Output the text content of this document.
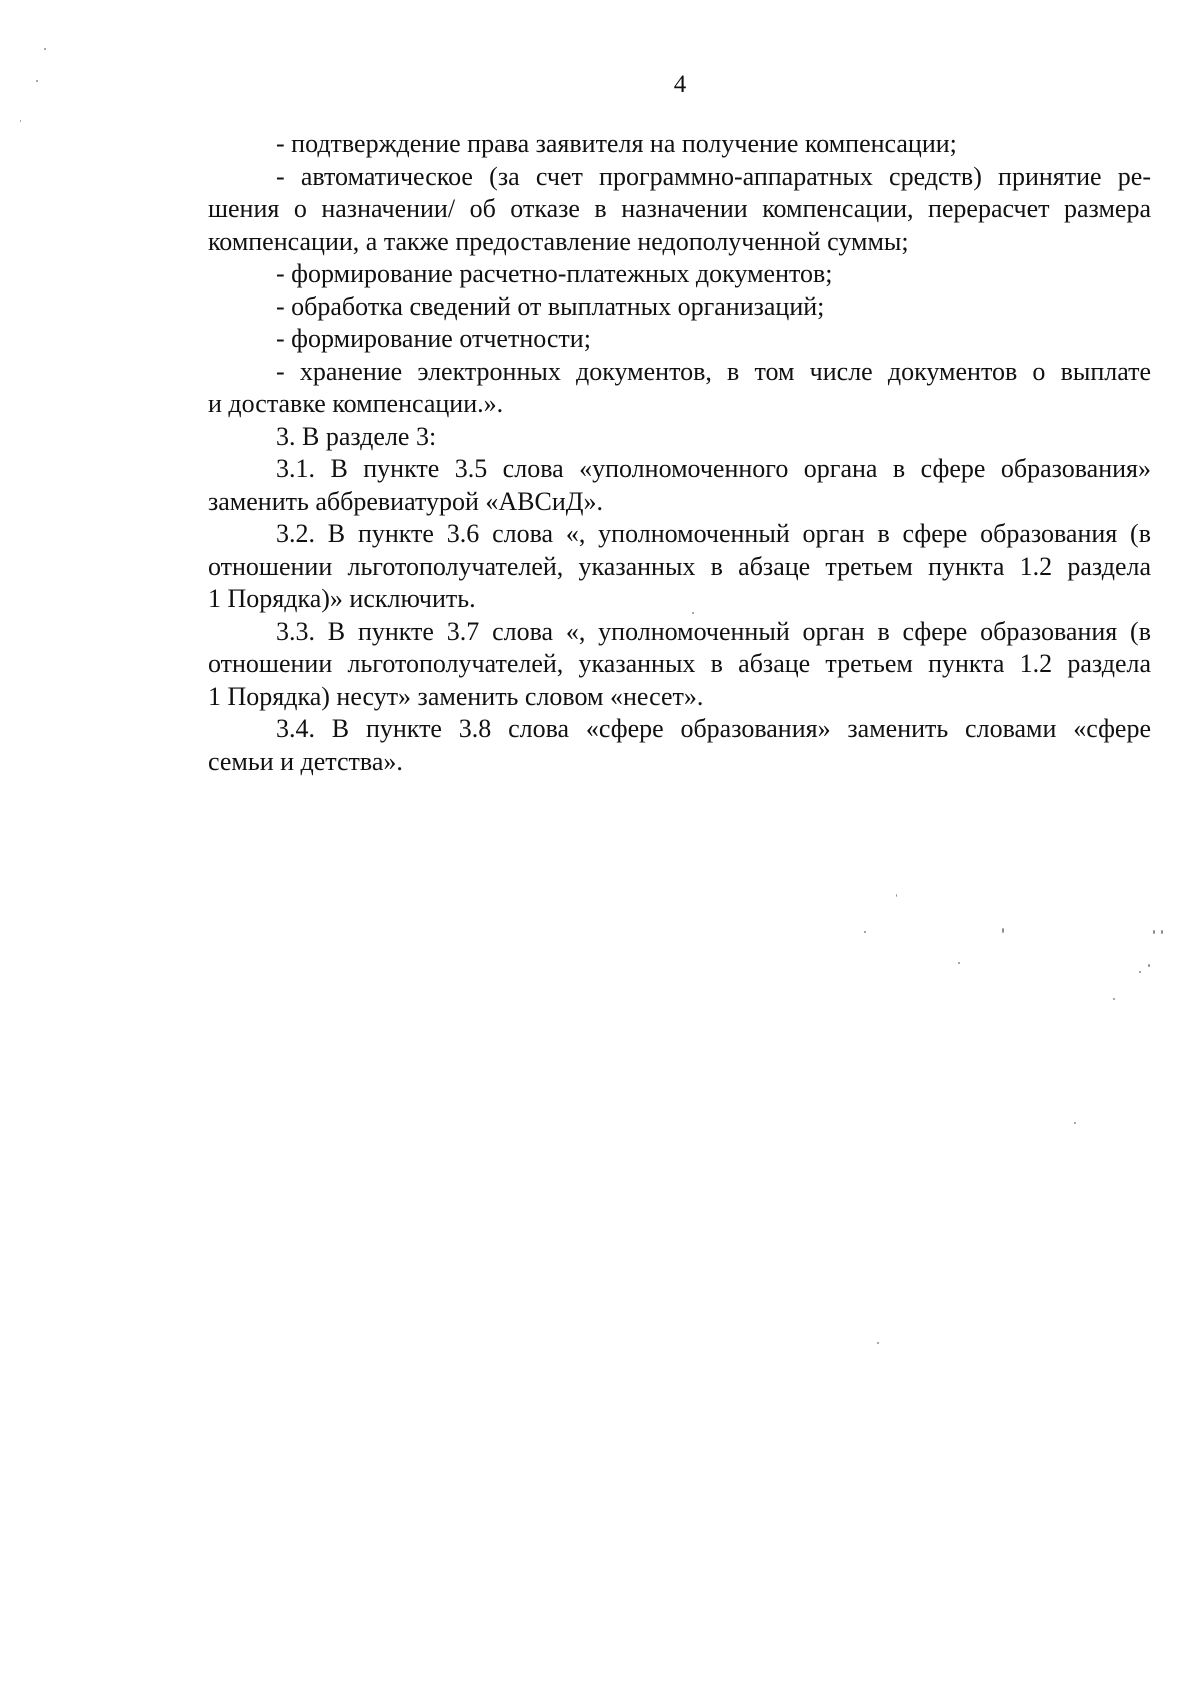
4

- подтверждение права заявителя на получение компенсации;

- автоматическое (за счет программно-аппаратных средств) принятие ре-
шения о назначении/ об отказе в назначении компенсации, перерасчет размера
компенсации, а также предоставление недополученной суммы;

- формирование расчетно-платежных документов;

- обработка сведений от выплатных организаций;

- формирование отчетности;

- хранение электронных документов, в том числе документов о выплате
и доставке компенсации.».

3. В разделе 3:

3.1. В пункте 3.5 слова «уполномоченного органа в сфере образования»
заменить аббревиатурой «АВСиД».

3.2. В пункте 3.6 слова «, уполномоченный орган в сфере образования (в
отношении льготополучателей, указанных в абзаце третьем пункта 1.2 раздела
1 Порядка)» исключить.

3.3. В пункте 3.7 слова «, уполномоченный орган в сфере образования (в
отношении льготополучателей, указанных в абзаце третьем пункта 1.2 раздела
1 Порядка) несут» заменить словом «несет».

3.4. В пункте 3.8 слова «сфере образования» заменить словами «сфере
семьи и детства».
